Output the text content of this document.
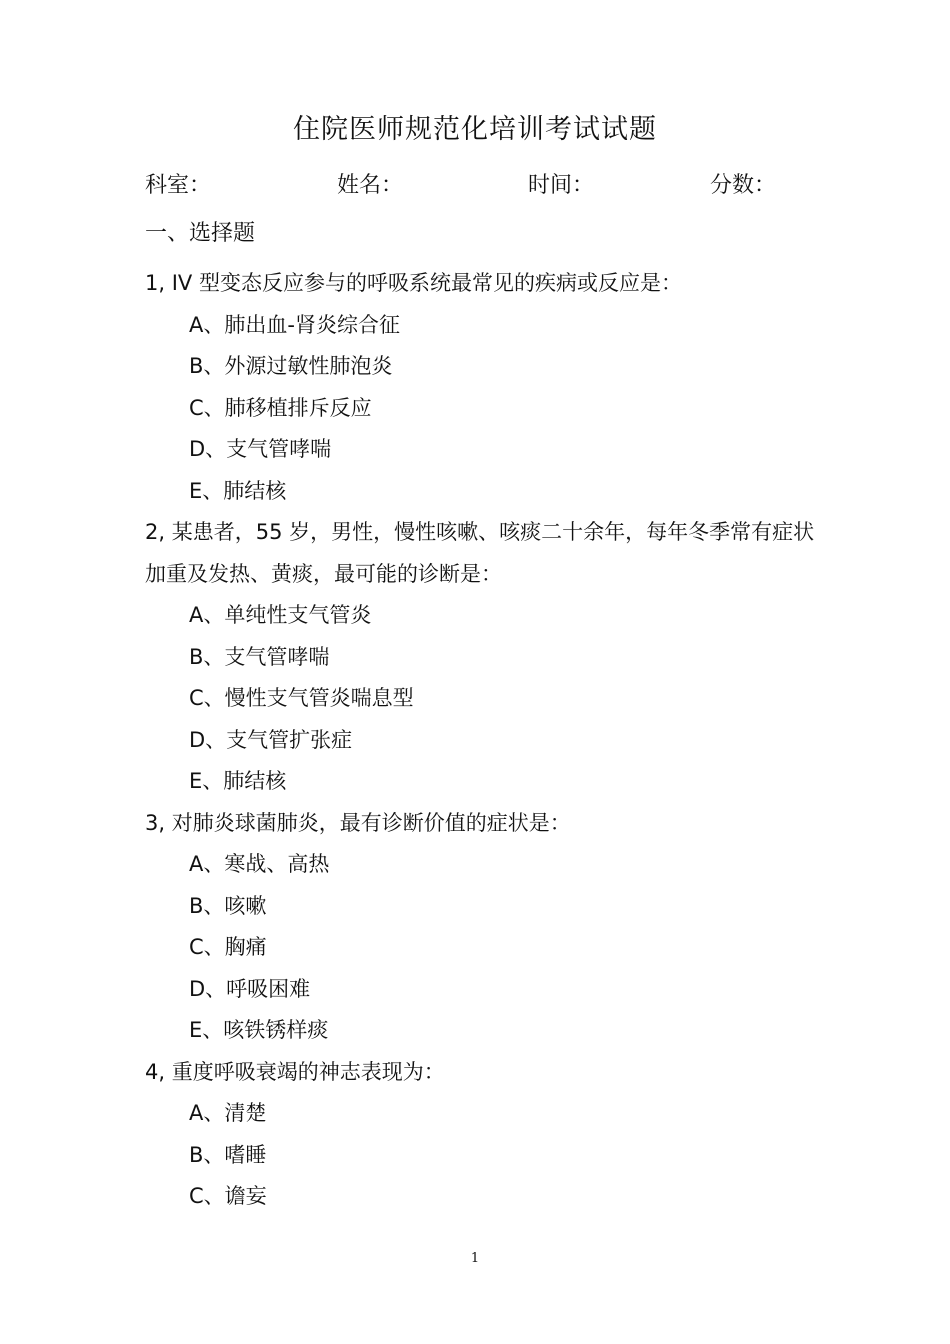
住院医师规范化培训考试试题
科室：	姓名：	时间：	分数：
一、选择题

1, IV 型变态反应参与的呼吸系统最常见的疾病或反应是：

A、肺出血-肾炎综合征
B、外源过敏性肺泡炎
C、肺移植排斥反应
D、支气管哮喘
E、肺结核

2, 某患者，55 岁，男性，慢性咳嗽、咳痰二十余年，每年冬季常有症状加重及发热、黄痰，最可能的诊断是：

A、单纯性支气管炎
B、支气管哮喘
C、慢性支气管炎喘息型
D、支气管扩张症
E、肺结核

3, 对肺炎球菌肺炎，最有诊断价值的症状是：

A、寒战、高热
B、咳嗽
C、胸痛
D、呼吸困难
E、咳铁锈样痰

4, 重度呼吸衰竭的神志表现为：

A、清楚
B、嗜睡
C、谵妄
1
